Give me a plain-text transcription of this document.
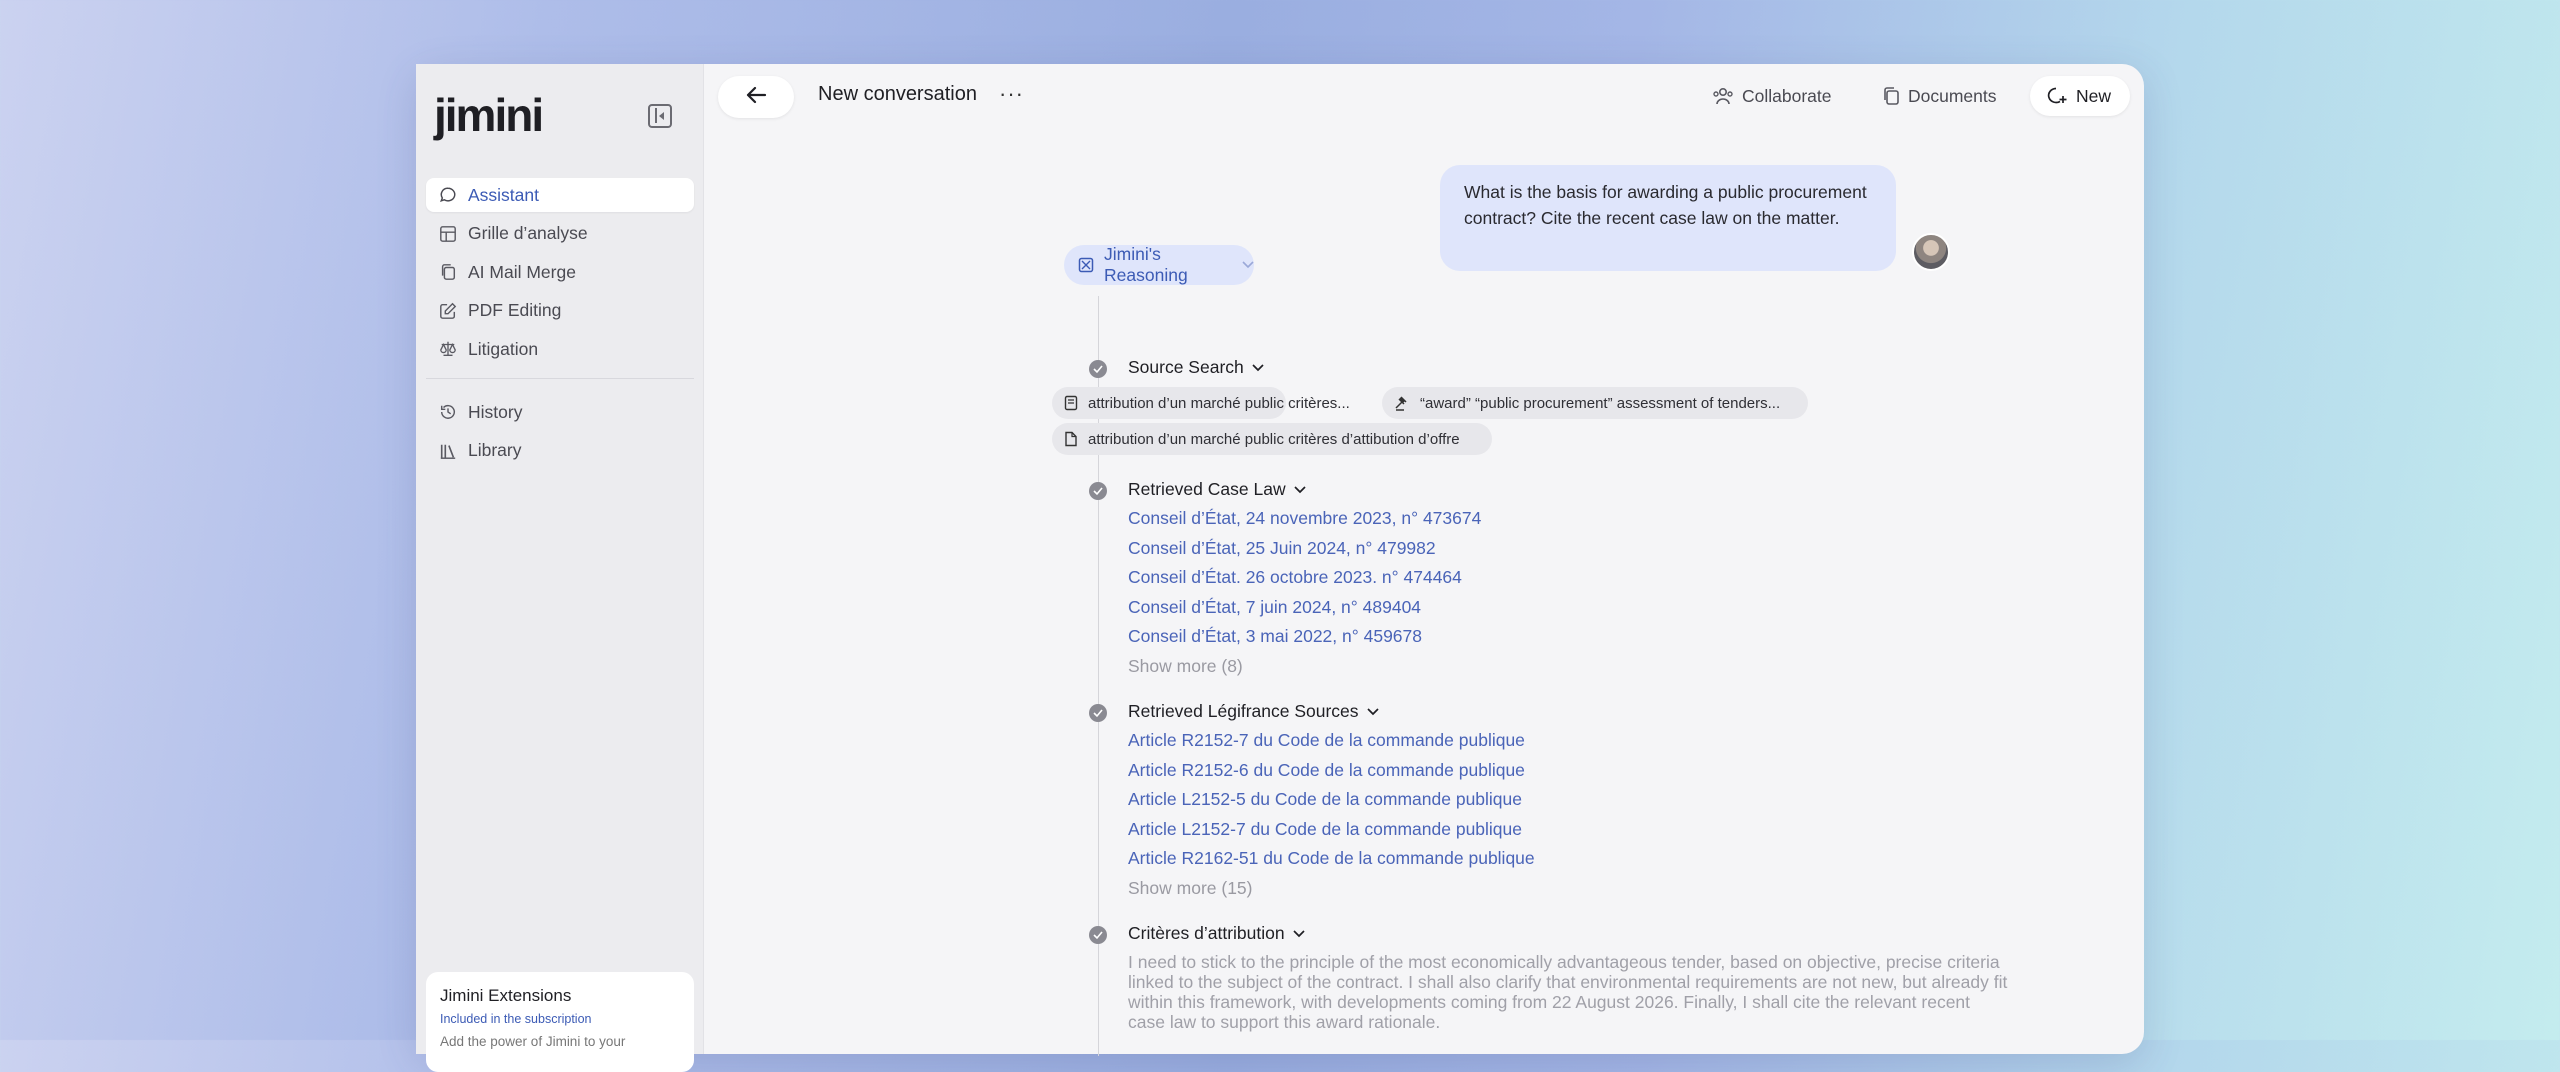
jimini
Assistant
Grille d’analyse
AI Mail Merge
PDF Editing
Litigation
History
Library
Jimini Extensions
Included in the subscription
Add the power of Jimini to your
New conversation ···	Collaborate	Documents	New
What is the basis for awarding a public procurement contract? Cite the recent case law on the matter.
Jimini's Reasoning
Source Search
attribution d’un marché public critères...	“award” “public procurement” assessment of tenders...
attribution d’un marché public critères d’attibution d’offre
Retrieved Case Law
Conseil d’État, 24 novembre 2023, n° 473674
Conseil d’État, 25 Juin 2024, n° 479982
Conseil d’État. 26 octobre 2023. n° 474464
Conseil d’État, 7 juin 2024, n° 489404
Conseil d’État, 3 mai 2022, n° 459678
Show more (8)
Retrieved Légifrance Sources
Article R2152-7 du Code de la commande publique
Article R2152-6 du Code de la commande publique
Article L2152-5 du Code de la commande publique
Article L2152-7 du Code de la commande publique
Article R2162-51 du Code de la commande publique
Show more (15)
Critères d’attribution
I need to stick to the principle of the most economically advantageous tender, based on objective, precise criteria linked to the subject of the contract. I shall also clarify that environmental requirements are not new, but already fit within this framework, with developments coming from 22 August 2026. Finally, I shall cite the relevant recent case law to support this award rationale.
